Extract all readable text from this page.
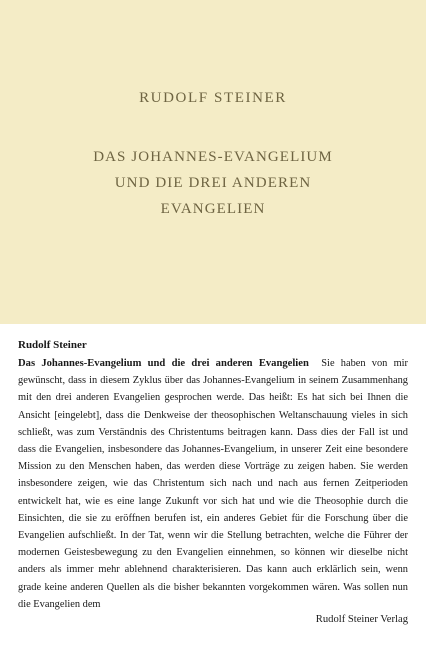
RUDOLF STEINER
DAS JOHANNES-EVANGELIUM
UND DIE DREI ANDEREN
EVANGELIEN
Rudolf Steiner

Das Johannes-Evangelium und die drei anderen Evangelien Sie haben von mir gewünscht, dass in diesem Zyklus über das Johannes-Evangelium in seinem Zusammenhang mit den drei anderen Evangelien gesprochen werde. Das heißt: Es hat sich bei Ihnen die Ansicht [eingelebt], dass die Denkweise der theosophischen Weltanschauung vieles in sich schließt, was zum Verständnis des Christentums beitragen kann. Dass dies der Fall ist und dass die Evangelien, insbesondere das Johannes-Evangelium, in unserer Zeit eine besondere Mission zu den Menschen haben, das werden diese Vorträge zu zeigen haben. Sie werden insbesondere zeigen, wie das Christentum sich nach und nach aus fernen Zeitperioden entwickelt hat, wie es eine lange Zukunft vor sich hat und wie die Theosophie durch die Einsichten, die sie zu eröffnen berufen ist, ein anderes Gebiet für die Forschung über die Evangelien aufschließt. In der Tat, wenn wir die Stellung betrachten, welche die Führer der modernen Geistesbewegung zu den Evangelien einnehmen, so können wir dieselbe nicht anders als immer mehr ablehnend charakterisieren. Das kann auch erklärlich sein, wenn grade keine anderen Quellen als die bisher bekannten vorgekommen wären. Was sollen nun die Evangelien dem

Rudolf Steiner Verlag
